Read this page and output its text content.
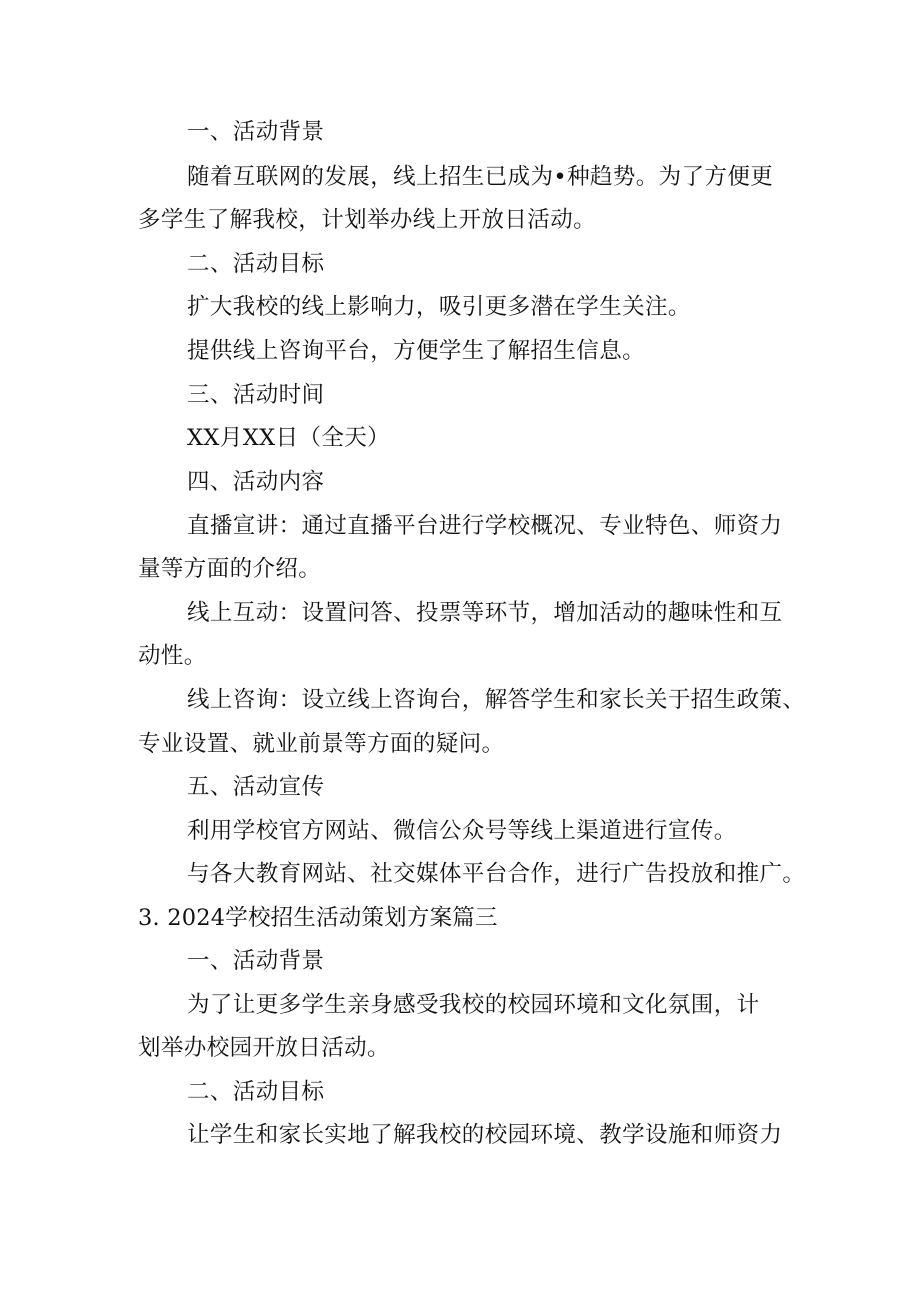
一、活动背景
随着互联网的发展，线上招生已成为•种趋势。为了方便更
多学生了解我校，计划举办线上开放日活动。
二、活动目标
扩大我校的线上影响力，吸引更多潜在学生关注。
提供线上咨询平台，方便学生了解招生信息。
三、活动时间
XX月XX日（全天）
四、活动内容
直播宣讲：通过直播平台进行学校概况、专业特色、师资力
量等方面的介绍。
线上互动：设置问答、投票等环节，增加活动的趣味性和互
动性。
线上咨询：设立线上咨询台，解答学生和家长关于招生政策、
专业设置、就业前景等方面的疑问。
五、活动宣传
利用学校官方网站、微信公众号等线上渠道进行宣传。
与各大教育网站、社交媒体平台合作，进行广告投放和推广。
3. 2024学校招生活动策划方案篇三
一、活动背景
为了让更多学生亲身感受我校的校园环境和文化氛围，计
划举办校园开放日活动。
二、活动目标
让学生和家长实地了解我校的校园环境、教学设施和师资力
